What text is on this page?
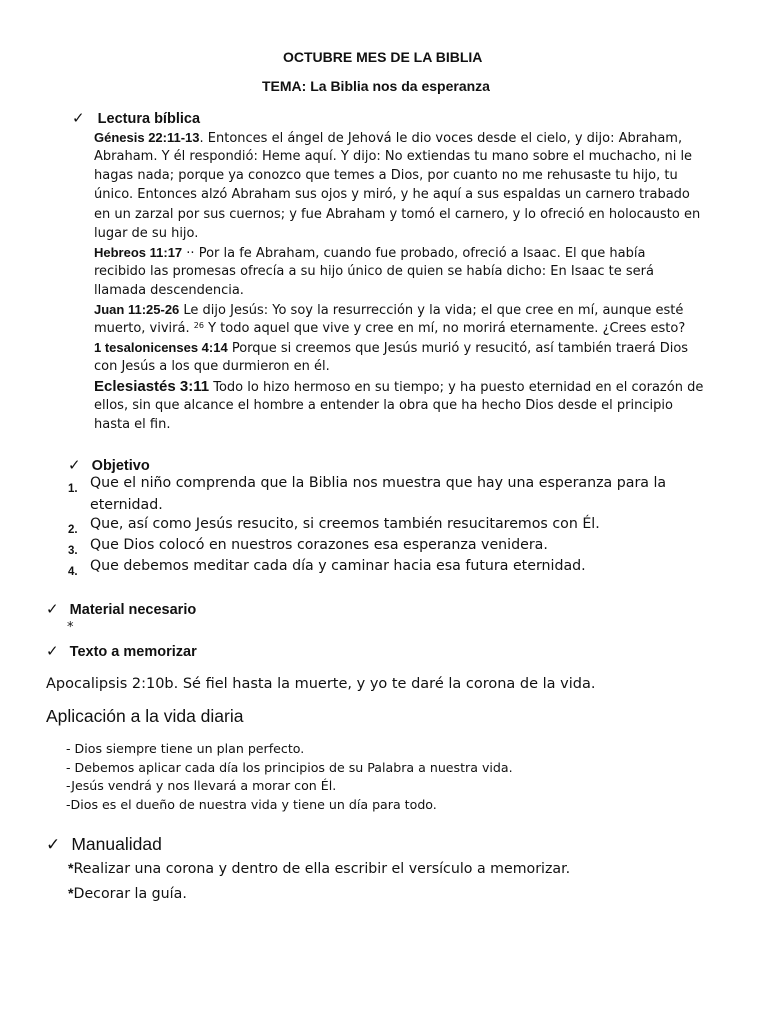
OCTUBRE MES DE LA BIBLIA
TEMA: La Biblia nos da esperanza
✓ Lectura bíblica
Génesis 22:11-13. Entonces el ángel de Jehová le dio voces desde el cielo, y dijo: Abraham,
Abraham. Y él respondió: Heme aquí. Y dijo: No extiendas tu mano sobre el muchacho, ni le
hagas nada; porque ya conozco que temes a Dios, por cuanto no me rehusaste tu hijo, tu
único. Entonces alzó Abraham sus ojos y miró, y he aquí a sus espaldas un carnero trabado
en un zarzal por sus cuernos; y fue Abraham y tomó el carnero, y lo ofreció en holocausto en
lugar de su hijo.
Hebreos 11:17 ·· Por la fe Abraham, cuando fue probado, ofreció a Isaac. El que había
recibido las promesas ofrecía a su hijo único de quien se había dicho: En Isaac te será
llamada descendencia.
Juan 11:25-26 Le dijo Jesús: Yo soy la resurrección y la vida; el que cree en mí, aunque esté
muerto, vivirá. $^{26}$ Y todo aquel que vive y cree en mí, no morirá eternamente. ¿Crees esto?
1 tesalonicenses 4:14 Porque si creemos que Jesús murió y resucitó, así también traerá Dios
con Jesús a los que durmieron en él.
Eclesiastés 3:11 Todo lo hizo hermoso en su tiempo; y ha puesto eternidad en el corazón de
ellos, sin que alcance el hombre a entender la obra que ha hecho Dios desde el principio
hasta el fin.
✓ Objetivo
1. Que el niño comprenda que la Biblia nos muestra que hay una esperanza para la
eternidad.
2. Que, así como Jesús resucito, si creemos también resucitaremos con Él.
3. Que Dios colocó en nuestros corazones esa esperanza venidera.
4. Que debemos meditar cada día y caminar hacia esa futura eternidad.
✓ Material necesario
*
✓ Texto a memorizar
Apocalipsis 2:10b. Sé fiel hasta la muerte, y yo te daré la corona de la vida.
Aplicación a la vida diaria
- Dios siempre tiene un plan perfecto.
- Debemos aplicar cada día los principios de su Palabra a nuestra vida.
-Jesús vendrá y nos llevará a morar con Él.
-Dios es el dueño de nuestra vida y tiene un día para todo.
✓ Manualidad
*Realizar una corona y dentro de ella escribir el versículo a memorizar.
*Decorar la guía.
